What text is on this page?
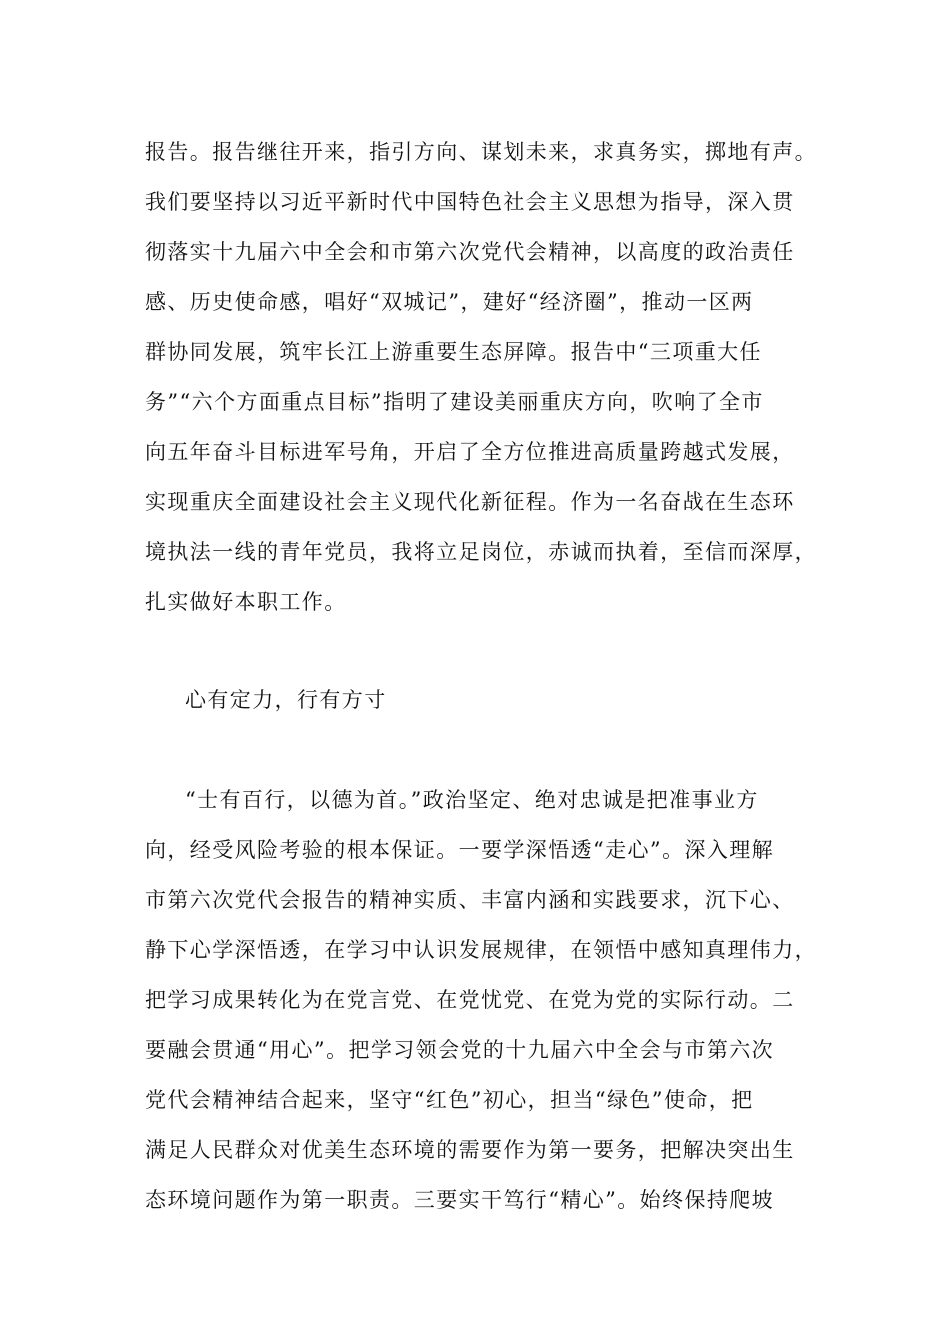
报告。报告继往开来，指引方向、谋划未来，求真务实，掷地有声。
我们要坚持以习近平新时代中国特色社会主义思想为指导，深入贯
彻落实十九届六中全会和市第六次党代会精神，以高度的政治责任
感、历史使命感，唱好“双城记”，建好“经济圈”，推动一区两
群协同发展，筑牢长江上游重要生态屏障。报告中“三项重大任
务”“六个方面重点目标”指明了建设美丽重庆方向，吹响了全市
向五年奋斗目标进军号角，开启了全方位推进高质量跨越式发展，
实现重庆全面建设社会主义现代化新征程。作为一名奋战在生态环
境执法一线的青年党员，我将立足岗位，赤诚而执着，至信而深厚，
扎实做好本职工作。
心有定力，行有方寸
“士有百行，以德为首。”政治坚定、绝对忠诚是把准事业方
向，经受风险考验的根本保证。一要学深悟透“走心”。深入理解
市第六次党代会报告的精神实质、丰富内涵和实践要求，沉下心、
静下心学深悟透，在学习中认识发展规律，在领悟中感知真理伟力，
把学习成果转化为在党言党、在党忧党、在党为党的实际行动。二
要融会贯通“用心”。把学习领会党的十九届六中全会与市第六次
党代会精神结合起来，坚守“红色”初心，担当“绿色”使命，把
满足人民群众对优美生态环境的需要作为第一要务，把解决突出生
态环境问题作为第一职责。三要实干笃行“精心”。始终保持爬坡
